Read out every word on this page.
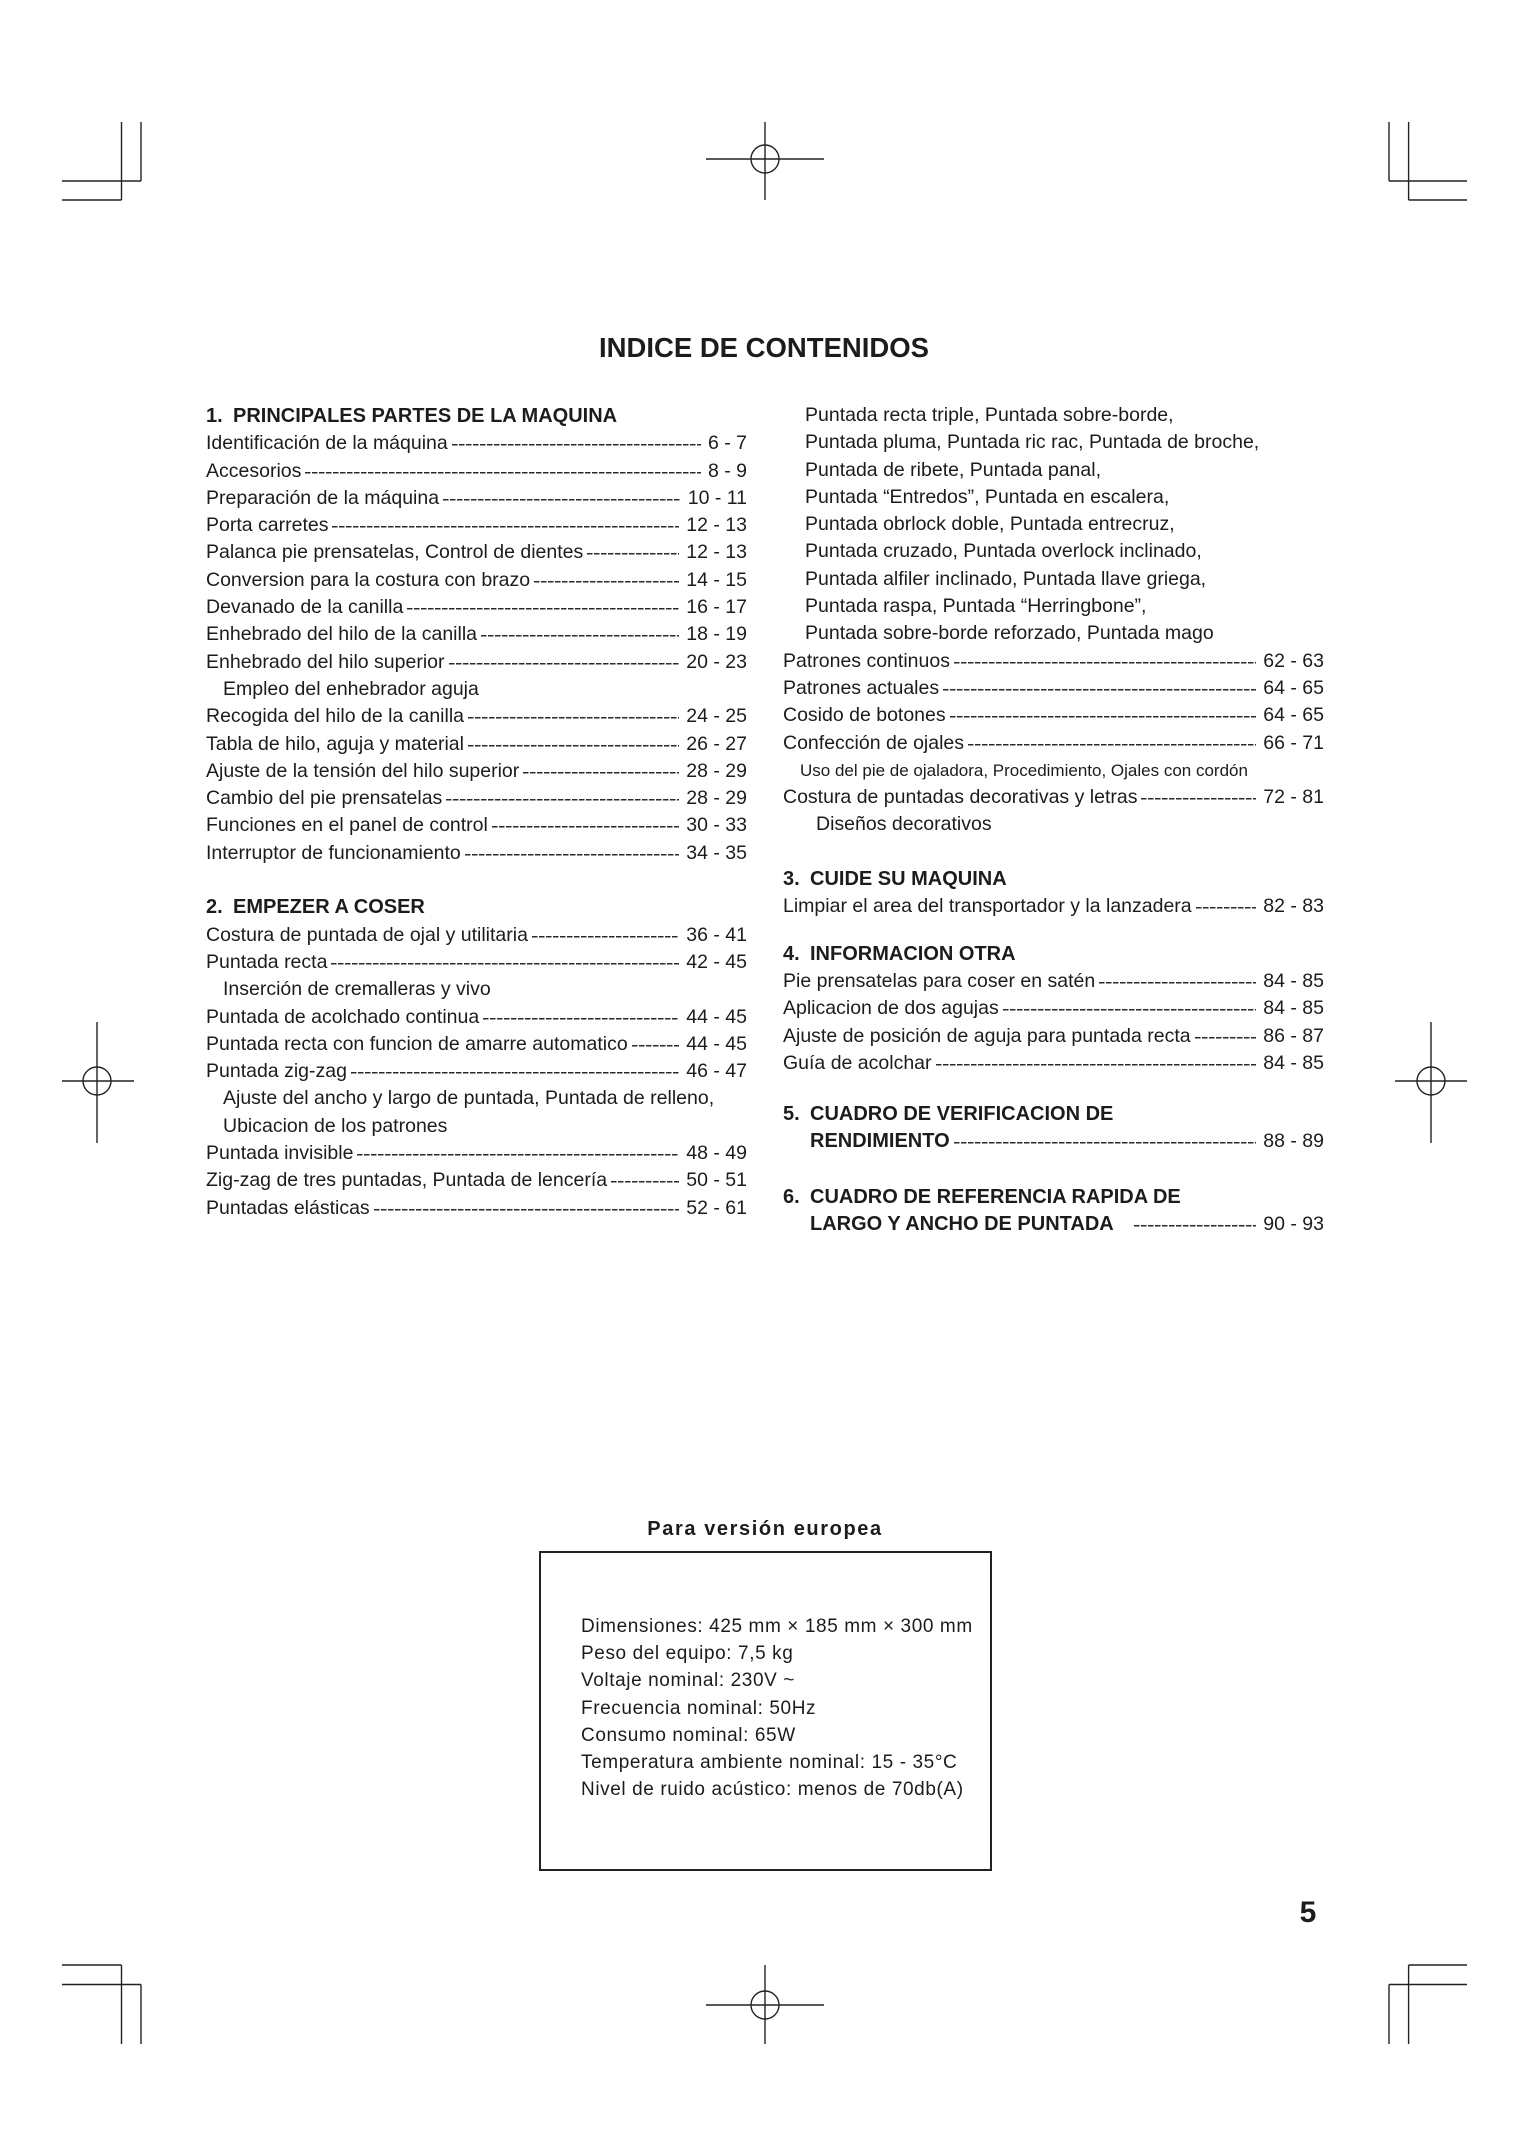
INDICE DE CONTENIDOS
1. PRINCIPALES PARTES DE LA MAQUINA
Identificación de la máquina	6 - 7
Accesorios	8 - 9
Preparación de la máquina	10 - 11
Porta carretes	12 - 13
Palanca pie prensatelas, Control de dientes	12 - 13
Conversion para la costura con brazo	14 - 15
Devanado de la canilla	16 - 17
Enhebrado del hilo de la canilla	18 - 19
Enhebrado del hilo superior	20 - 23
Empleo del enhebrador aguja
Recogida del hilo de la canilla	24 - 25
Tabla de hilo, aguja y material	26 - 27
Ajuste de la tensión del hilo superior	28 - 29
Cambio del pie prensatelas	28 - 29
Funciones en el panel de control	30 - 33
Interruptor de funcionamiento	34 - 35
2. EMPEZER A COSER
Costura de puntada de ojal y utilitaria	36 - 41
Puntada recta	42 - 45
Inserción de cremalleras y vivo
Puntada de acolchado continua	44 - 45
Puntada recta con funcion de amarre automatico	44 - 45
Puntada zig-zag	46 - 47
Ajuste del ancho y largo de puntada, Puntada de relleno,
Ubicacion de los patrones
Puntada invisible	48 - 49
Zig-zag de tres puntadas, Puntada de lencería	50 - 51
Puntadas elásticas	52 - 61
Puntada recta triple, Puntada sobre-borde,
Puntada pluma, Puntada ric rac, Puntada de broche,
Puntada de ribete, Puntada panal,
Puntada “Entredos”, Puntada en escalera,
Puntada obrlock doble, Puntada entrecruz,
Puntada cruzado, Puntada overlock inclinado,
Puntada alfiler inclinado, Puntada llave griega,
Puntada raspa, Puntada “Herringbone”,
Puntada sobre-borde reforzado, Puntada mago
Patrones continuos	62 - 63
Patrones actuales	64 - 65
Cosido de botones	64 - 65
Confección de ojales	66 - 71
Uso del pie de ojaladora, Procedimiento, Ojales con cordón
Costura de puntadas decorativas y letras	72 - 81
Diseños decorativos
3. CUIDE SU MAQUINA
Limpiar el area del transportador y la lanzadera	82 - 83
4. INFORMACION OTRA
Pie prensatelas para coser en satén	84 - 85
Aplicacion de dos agujas	84 - 85
Ajuste de posición de aguja para puntada recta	86 - 87
Guía de acolchar	84 - 85
5. CUADRO DE VERIFICACION DE
RENDIMIENTO	88 - 89
6. CUADRO DE REFERENCIA RAPIDA DE
LARGO Y ANCHO DE PUNTADA	90 - 93
Para versión europea
Dimensiones: 425 mm × 185 mm × 300 mm
Peso del equipo: 7,5 kg
Voltaje nominal: 230V ~
Frecuencia nominal: 50Hz
Consumo nominal: 65W
Temperatura ambiente nominal: 15 - 35°C
Nivel de ruido acústico: menos de 70db(A)
5
